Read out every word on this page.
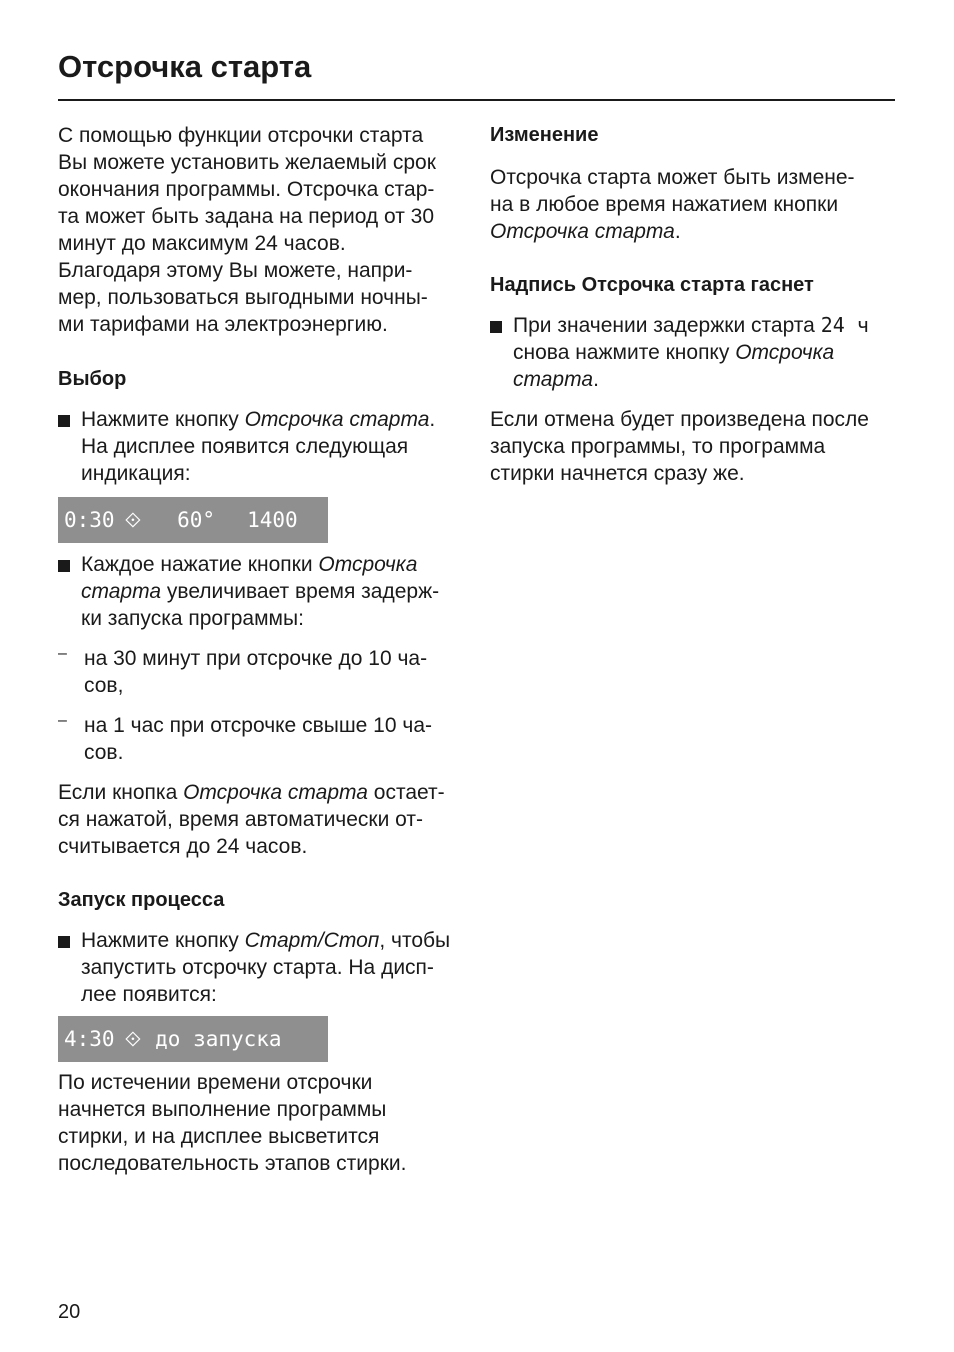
Отсрочка старта

С помощью функции отсрочки старта

Вы можете установить желаемый срок

окончания программы. Отсрочка стар-

та может быть задана на период от 30

минут до максимум 24 часов.

Благодаря этому Вы можете, напри-

мер, пользоваться выгодными ночны-

ми тарифами на электроэнергию.

Выбор

Нажмите кнопку Отсрочка старта.

На дисплее появится следующая

индикация:

0:30 ⟐ 60° 1400

Каждое нажатие кнопки Отсрочка

старта увеличивает время задерж-

ки запуска программы:

– на 30 минут при отсрочке до 10 ча-

сов,

– на 1 час при отсрочке свыше 10 ча-

сов.

Если кнопка Отсрочка старта остает-

ся нажатой, время автоматически от-

считывается до 24 часов.

Запуск процесса

Нажмите кнопку Старт/Стоп, чтобы

запустить отсрочку старта. На дисп-

лее появится:

4:30 ⟐ до запуска

По истечении времени отсрочки

начнется выполнение программы

стирки, и на дисплее высветится

последовательность этапов стирки.

Изменение

Отсрочка старта может быть измене-

на в любое время нажатием кнопки

Отсрочка старта.

Надпись Отсрочка старта гаснет

При значении задержки старта 24 ч

снова нажмите кнопку Отсрочка

старта.

Если отмена будет произведена после

запуска программы, то программа

стирки начнется сразу же.

20
